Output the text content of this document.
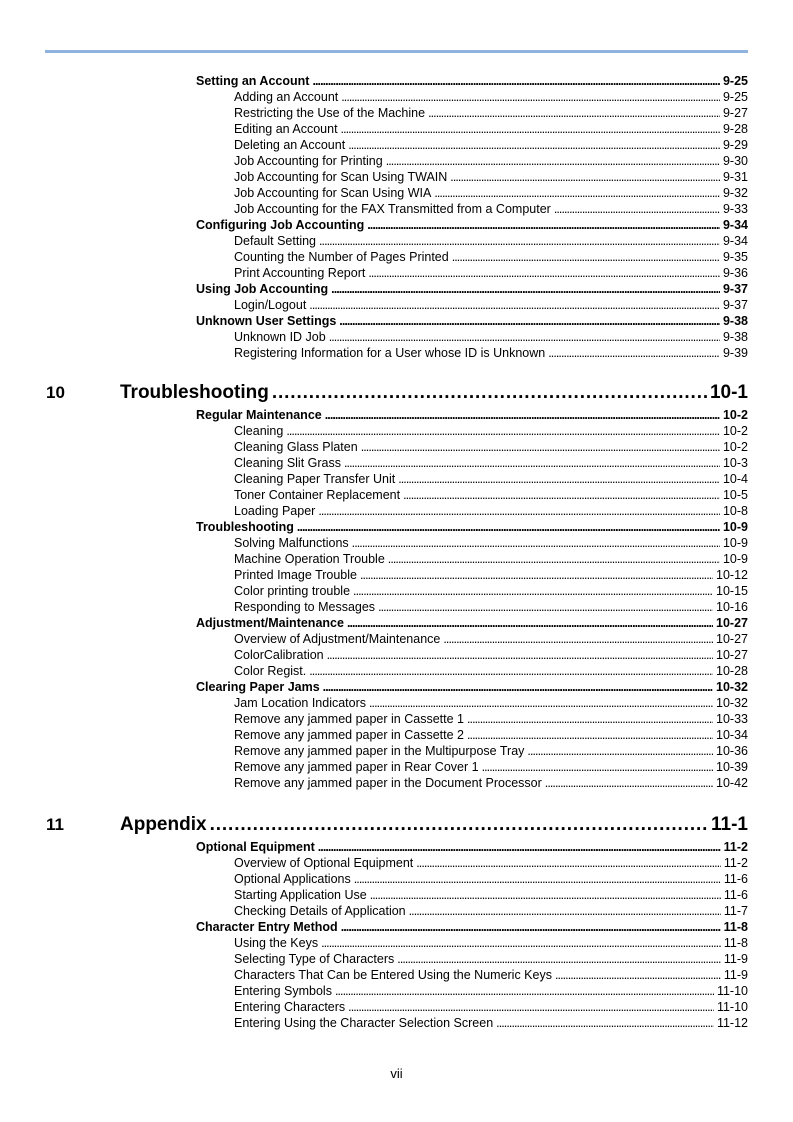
Setting an Account . . .	9-25
Adding an Account . . .	9-25
Restricting the Use of the Machine . . .	9-27
Editing an Account . . .	9-28
Deleting an Account . . .	9-29
Job Accounting for Printing . . .	9-30
Job Accounting for Scan Using TWAIN . . .	9-31
Job Accounting for Scan Using WIA . . .	9-32
Job Accounting for the FAX Transmitted from a Computer . . .	9-33
Configuring Job Accounting . . .	9-34
Default Setting . . .	9-34
Counting the Number of Pages Printed . . .	9-35
Print Accounting Report . . .	9-36
Using Job Accounting . . .	9-37
Login/Logout . . .	9-37
Unknown User Settings . . .	9-38
Unknown ID Job . . .	9-38
Registering Information for a User whose ID is Unknown . . .	9-39
10	Troubleshooting . . .	10-1
Regular Maintenance . . .	10-2
Cleaning . . .	10-2
Cleaning Glass Platen . . .	10-2
Cleaning Slit Grass . . .	10-3
Cleaning Paper Transfer Unit . . .	10-4
Toner Container Replacement . . .	10-5
Loading Paper . . .	10-8
Troubleshooting . . .	10-9
Solving Malfunctions . . .	10-9
Machine Operation Trouble . . .	10-9
Printed Image Trouble . . .	10-12
Color printing trouble . . .	10-15
Responding to Messages . . .	10-16
Adjustment/Maintenance . . .	10-27
Overview of Adjustment/Maintenance . . .	10-27
ColorCalibration . . .	10-27
Color Regist. . . .	10-28
Clearing Paper Jams . . .	10-32
Jam Location Indicators . . .	10-32
Remove any jammed paper in Cassette 1 . . .	10-33
Remove any jammed paper in Cassette 2 . . .	10-34
Remove any jammed paper in the Multipurpose Tray . . .	10-36
Remove any jammed paper in Rear Cover 1 . . .	10-39
Remove any jammed paper in the Document Processor . . .	10-42
11	Appendix . . .	11-1
Optional Equipment . . .	11-2
Overview of Optional Equipment . . .	11-2
Optional Applications . . .	11-6
Starting Application Use . . .	11-6
Checking Details of Application . . .	11-7
Character Entry Method . . .	11-8
Using the Keys . . .	11-8
Selecting Type of Characters . . .	11-9
Characters That Can be Entered Using the Numeric Keys . . .	11-9
Entering Symbols . . .	11-10
Entering Characters . . .	11-10
Entering Using the Character Selection Screen . . .	11-12
vii
